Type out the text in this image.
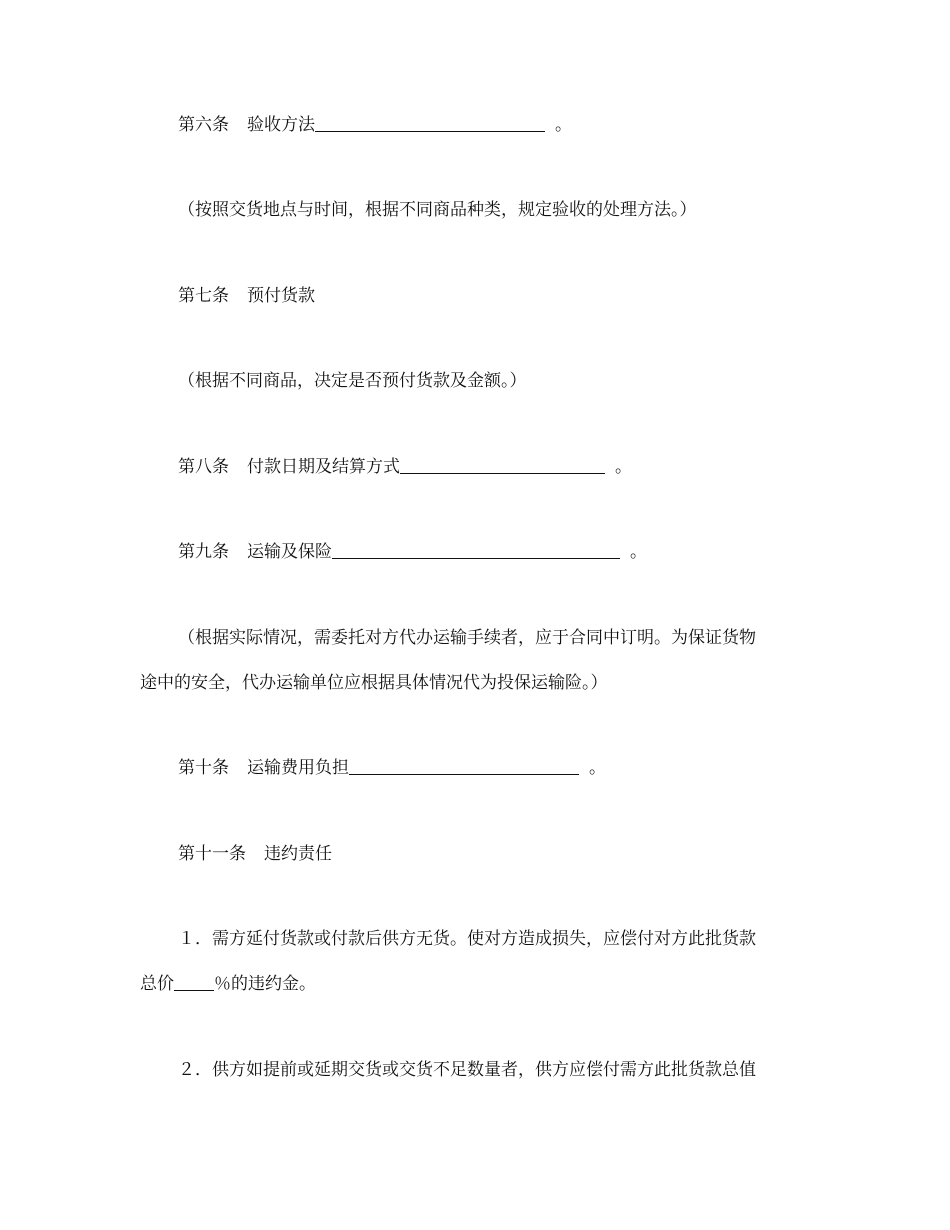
第六条 验收方法	。
（按照交货地点与时间，根据不同商品种类，规定验收的处理方法。）
第七条 预付货款
（根据不同商品，决定是否预付货款及金额。）
第八条 付款日期及结算方式	。
第九条 运输及保险	。
（根据实际情况，需委托对方代办运输手续者，应于合同中订明。为保证货物
途中的安全，代办运输单位应根据具体情况代为投保运输险。）
第十条 运输费用负担	。
第十一条 违约责任
１．需方延付货款或付款后供方无货。使对方造成损失，应偿付对方此批货款
总价 ％的违约金。
２．供方如提前或延期交货或交货不足数量者，供方应偿付需方此批货款总值
